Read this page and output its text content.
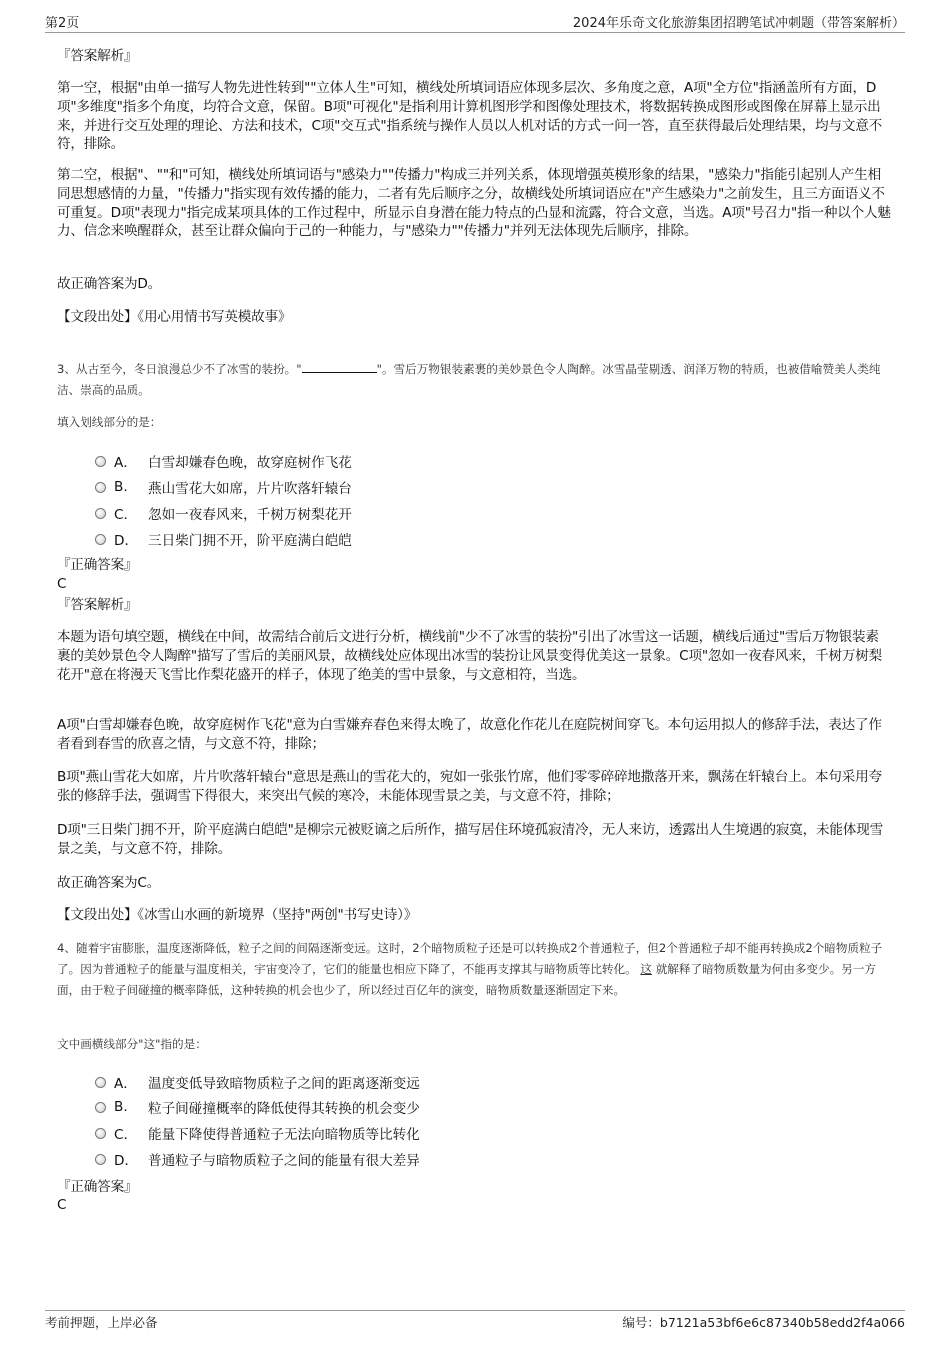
第2页	2024年乐奇文化旅游集团招聘笔试冲刺题（带答案解析）
『答案解析』
第一空，根据"由单一描写人物先进性转到""立体人生"可知，横线处所填词语应体现多层次、多角度之意，A项"全方位"指涵盖所有方面，D项"多维度"指多个角度，均符合文意，保留。B项"可视化"是指利用计算机图形学和图像处理技术，将数据转换成图形或图像在屏幕上显示出来，并进行交互处理的理论、方法和技术，C项"交互式"指系统与操作人员以人机对话的方式一问一答，直至获得最后处理结果，均与文意不符，排除。
第二空，根据"、""和"可知，横线处所填词语与"感染力""传播力"构成三并列关系，体现增强英模形象的结果，"感染力"指能引起别人产生相同思想感情的力量，"传播力"指实现有效传播的能力，二者有先后顺序之分，故横线处所填词语应在"产生感染力"之前发生，且三方面语义不可重复。D项"表现力"指完成某项具体的工作过程中，所显示自身潜在能力特点的凸显和流露，符合文意，当选。A项"号召力"指一种以个人魅力、信念来唤醒群众，甚至让群众偏向于己的一种能力，与"感染力""传播力"并列无法体现先后顺序，排除。
故正确答案为D。
【文段出处】《用心用情书写英模故事》
3、从古至今，冬日浪漫总少不了冰雪的装扮。"	"。雪后万物银装素裹的美妙景色令人陶醉。冰雪晶莹剔透、润泽万物的特质，也被借喻赞美人类纯洁、崇高的品质。
填入划线部分的是：
A． 白雪却嫌春色晚，故穿庭树作飞花
B.	燕山雪花大如席，片片吹落轩辕台
C． 忽如一夜春风来，千树万树梨花开
D． 三日柴门拥不开，阶平庭满白皑皑
『正确答案』
C
『答案解析』
本题为语句填空题，横线在中间，故需结合前后文进行分析，横线前"少不了冰雪的装扮"引出了冰雪这一话题，横线后通过"雪后万物银装素裹的美妙景色令人陶醉"描写了雪后的美丽风景，故横线处应体现出冰雪的装扮让风景变得优美这一景象。C项"忽如一夜春风来，千树万树梨花开"意在将漫天飞雪比作梨花盛开的样子，体现了绝美的雪中景象，与文意相符，当选。
A项"白雪却嫌春色晚，故穿庭树作飞花"意为白雪嫌弃春色来得太晚了，故意化作花儿在庭院树间穿飞。本句运用拟人的修辞手法，表达了作者看到春雪的欣喜之情，与文意不符，排除；
B项"燕山雪花大如席，片片吹落轩辕台"意思是燕山的雪花大的，宛如一张张竹席，他们零零碎碎地撒落开来，飘荡在轩辕台上。本句采用夸张的修辞手法，强调雪下得很大，来突出气候的寒冷，未能体现雪景之美，与文意不符，排除；
D项"三日柴门拥不开，阶平庭满白皑皑"是柳宗元被贬谪之后所作，描写居住环境孤寂清冷，无人来访，透露出人生境遇的寂寞，未能体现雪景之美，与文意不符，排除。
故正确答案为C。
【文段出处】《冰雪山水画的新境界（坚持"两创"书写史诗）》
4、随着宇宙膨胀，温度逐渐降低，粒子之间的间隔逐渐变远。这时，2个暗物质粒子还是可以转换成2个普通粒子，但2个普通粒子却不能再转换成2个暗物质粒子了。因为普通粒子的能量与温度相关，宇宙变冷了，它们的能量也相应下降了，不能再支撑其与暗物质等比转化。 这 就解释了暗物质数量为何由多变少。另一方面，由于粒子间碰撞的概率降低，这种转换的机会也少了，所以经过百亿年的演变，暗物质数量逐渐固定下来。
文中画横线部分"这"指的是：
A． 温度变低导致暗物质粒子之间的距离逐渐变远
B.	粒子间碰撞概率的降低使得其转换的机会变少
C． 能量下降使得普通粒子无法向暗物质等比转化
D． 普通粒子与暗物质粒子之间的能量有很大差异
『正确答案』
C
考前押题，上岸必备	编号：b7121a53bf6e6c87340b58edd2f4a066
